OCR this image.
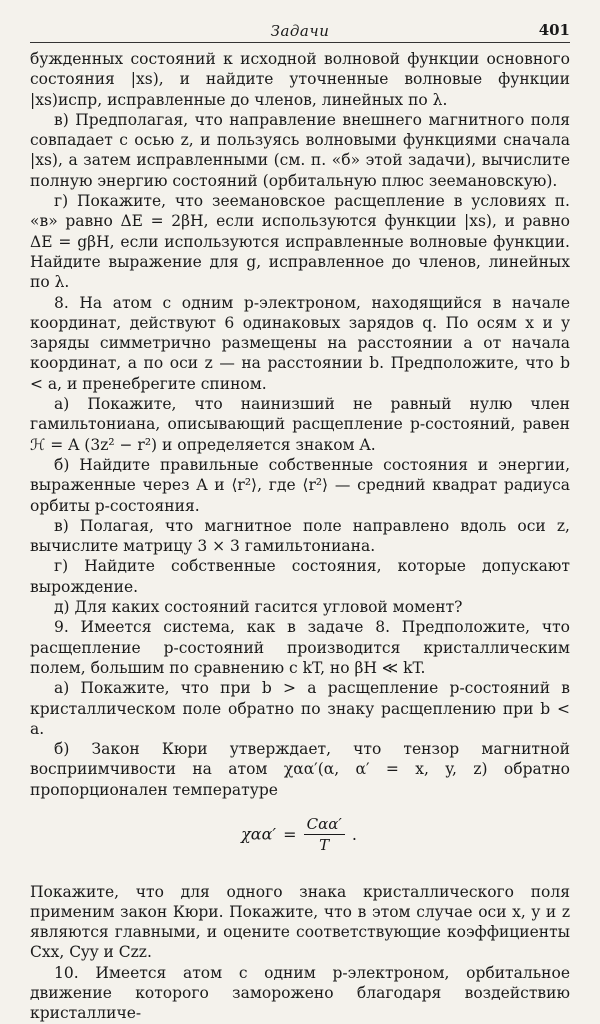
Задачи	401

бужденных состояний к исходной волновой функции основного состояния |xs), и найдите уточненные волновые функции |xs)испр, исправленные до членов, линейных по λ.

в) Предполагая, что направление внешнего магнитного поля совпадает с осью z, и пользуясь волновыми функциями сначала |xs), а затем исправленными (см. п. «б» этой задачи), вычислите полную энергию состояний (орбитальную плюс зеемановскую).

г) Покажите, что зеемановское расщепление в условиях п. «в» равно ΔE = 2βH, если используются функции |xs), и равно ΔE = gβH, если используются исправленные волновые функции. Найдите выражение для g, исправленное до членов, линейных по λ.

8. На атом с одним p-электроном, находящийся в начале координат, действуют 6 одинаковых зарядов q. По осям x и y заряды симметрично размещены на расстоянии a от начала координат, а по оси z — на расстоянии b. Предположите, что b < a, и пренебрегите спином.

а) Покажите, что наинизший не равный нулю член гамильтониана, описывающий расщепление p-состояний, равен ℋ = A (3z² − r²) и определяется знаком A.

б) Найдите правильные собственные состояния и энергии, выраженные через A и ⟨r²⟩, где ⟨r²⟩ — средний квадрат радиуса орбиты p-состояния.

в) Полагая, что магнитное поле направлено вдоль оси z, вычислите матрицу 3 × 3 гамильтониана.

г) Найдите собственные состояния, которые допускают вырождение.

д) Для каких состояний гасится угловой момент?

9. Имеется система, как в задаче 8. Предположите, что расщепление p-состояний производится кристаллическим полем, большим по сравнению с kT, но βH ≪ kT.

а) Покажите, что при b > a расщепление p-состояний в кристаллическом поле обратно по знаку расщеплению при b < a.

б) Закон Кюри утверждает, что тензор магнитной восприимчивости на атом χαα′(α, α′ = x, y, z) обратно пропорционален температуре

$\chi\alpha\alpha' = \frac{\text{Cαα′}}{T}$ .

Покажите, что для одного знака кристаллического поля применим закон Кюри. Покажите, что в этом случае оси x, y и z являются главными, и оцените соответствующие коэффициенты Cxx, Cyy и Czz.

10. Имеется атом с одним p-электроном, орбитальное движение которого заморожено благодаря воздействию кристалличе-
